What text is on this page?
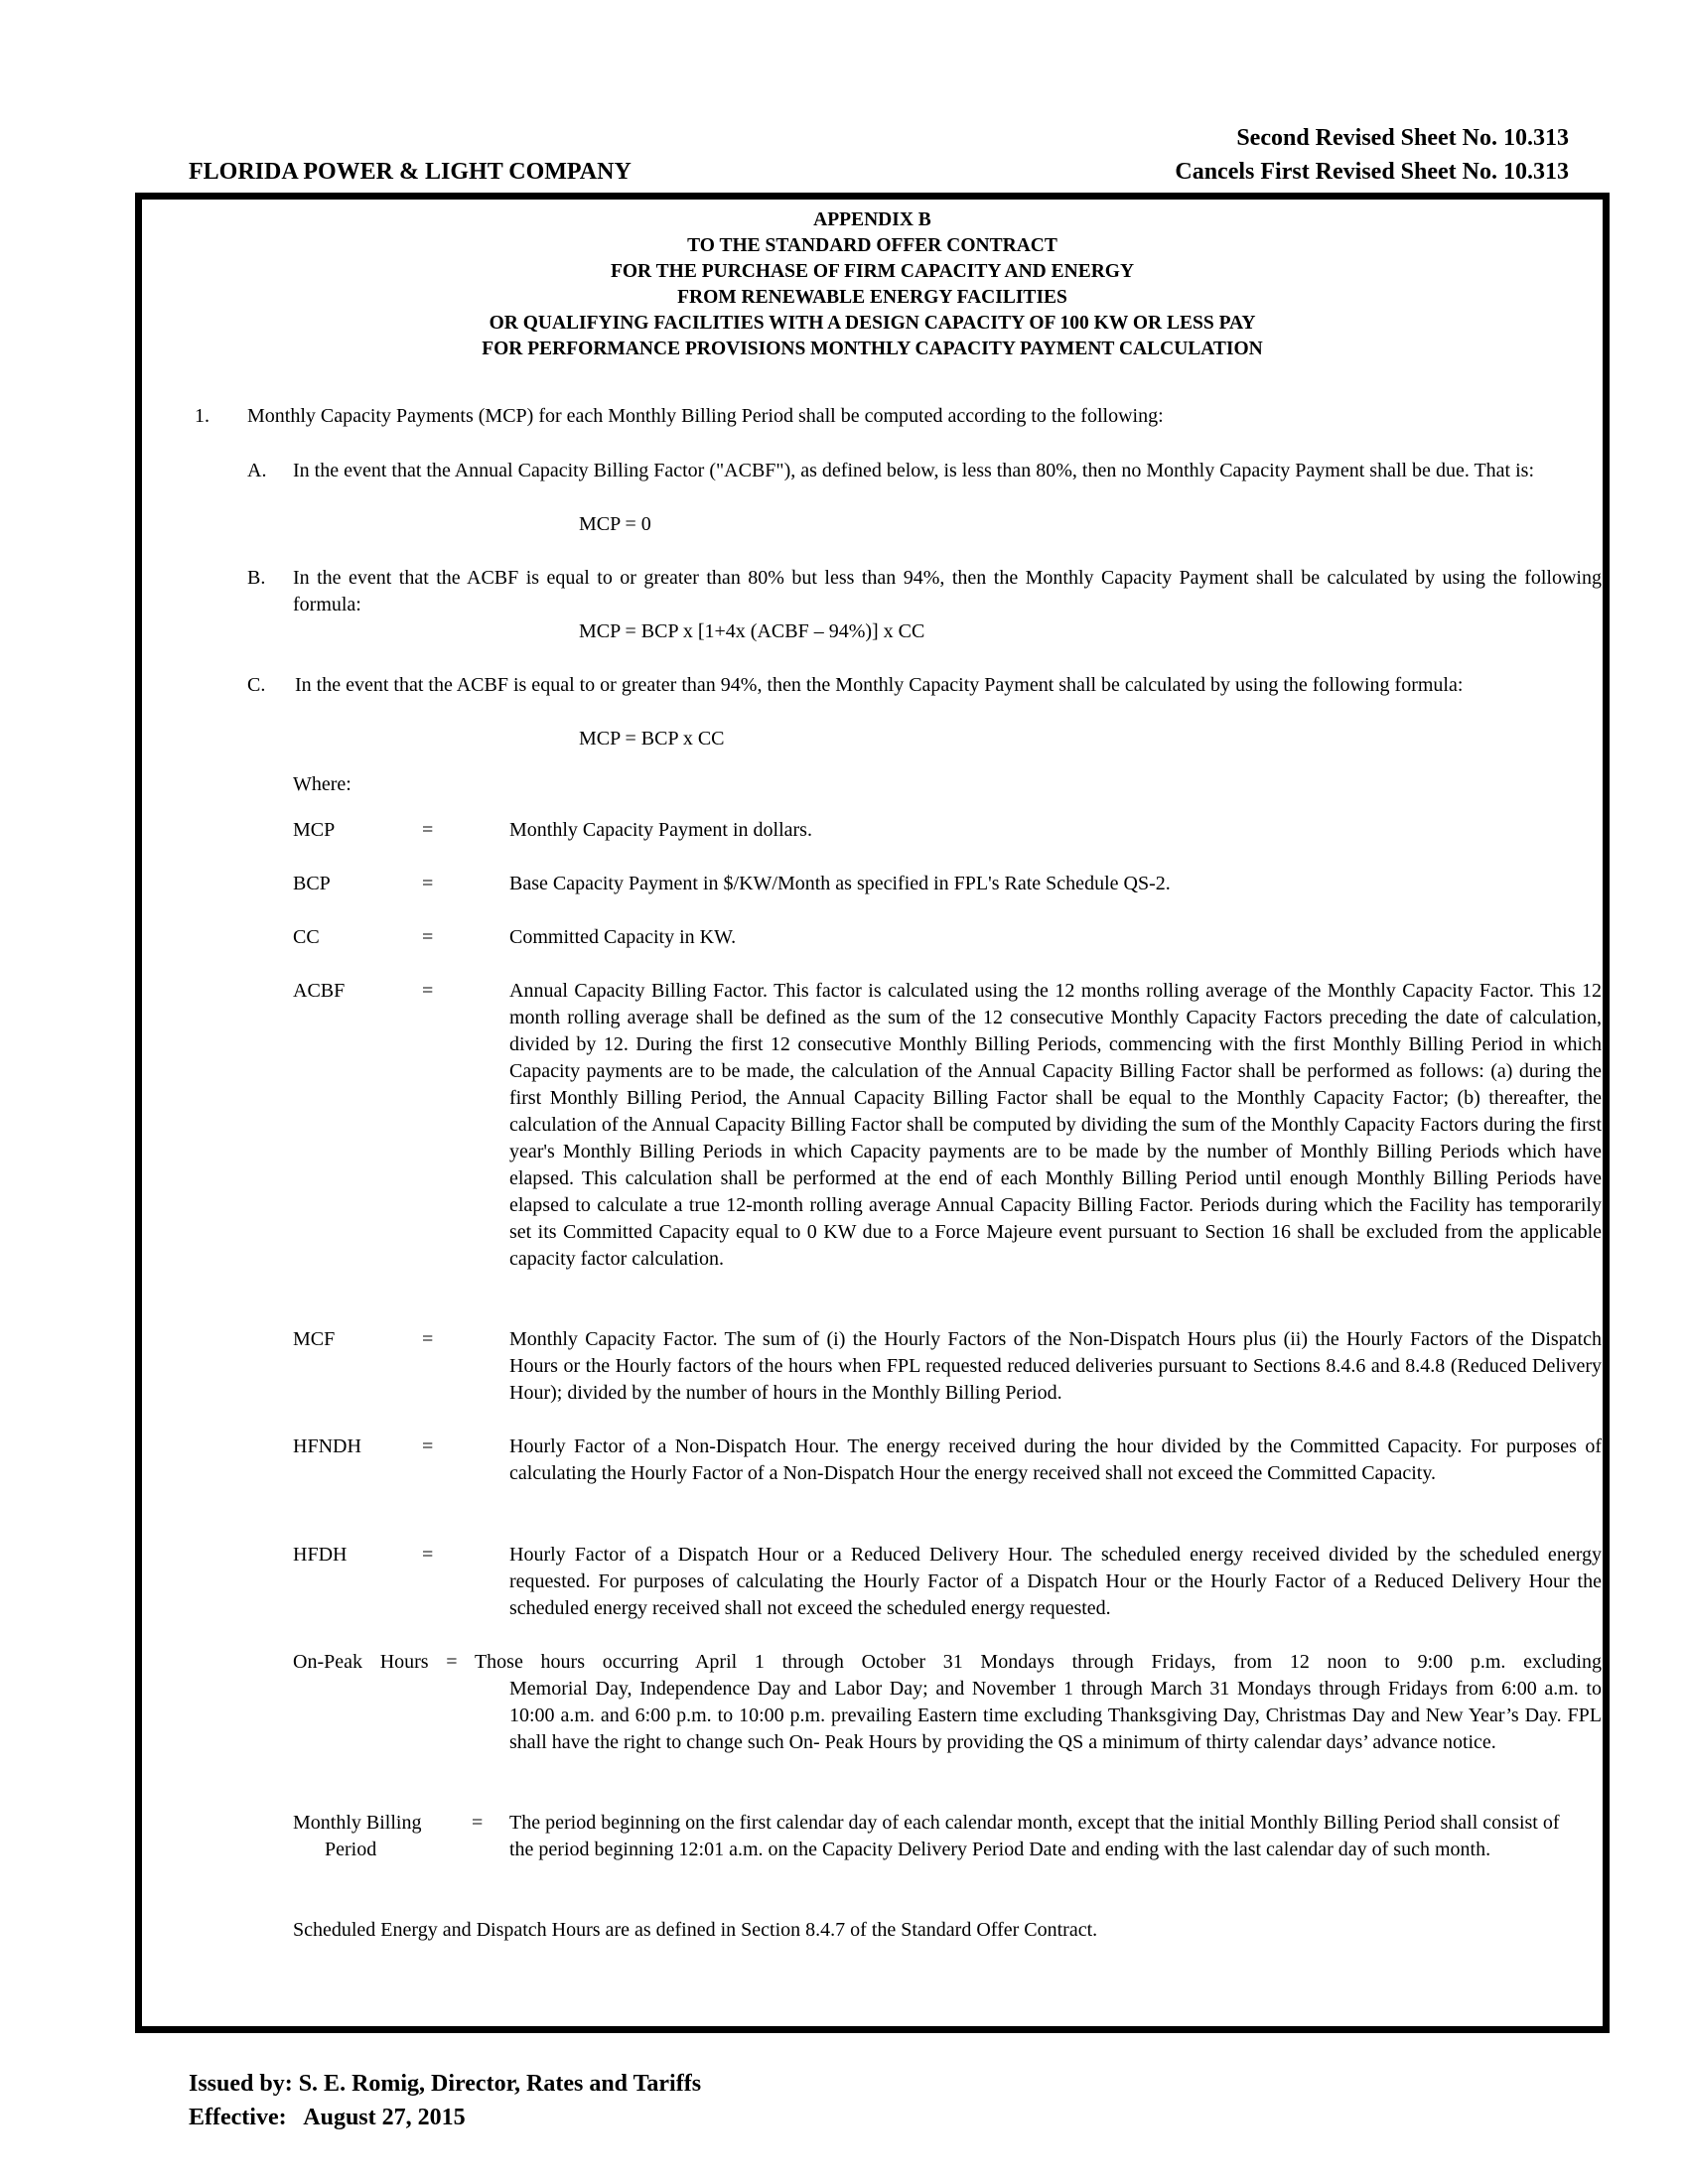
Second Revised Sheet No. 10.313
Cancels First Revised Sheet No. 10.313
FLORIDA POWER & LIGHT COMPANY
APPENDIX B
TO THE STANDARD OFFER CONTRACT
FOR THE PURCHASE OF FIRM CAPACITY AND ENERGY
FROM RENEWABLE ENERGY FACILITIES
OR QUALIFYING FACILITIES WITH A DESIGN CAPACITY OF 100 KW OR LESS PAY
FOR PERFORMANCE PROVISIONS MONTHLY CAPACITY PAYMENT CALCULATION
1. Monthly Capacity Payments (MCP) for each Monthly Billing Period shall be computed according to the following:
A. In the event that the Annual Capacity Billing Factor ("ACBF"), as defined below, is less than 80%, then no Monthly Capacity Payment shall be due. That is:
MCP = 0
B. In the event that the ACBF is equal to or greater than 80% but less than 94%, then the Monthly Capacity Payment shall be calculated by using the following formula:
MCP = BCP x [1+4x (ACBF – 94%)] x CC
C. In the event that the ACBF is equal to or greater than 94%, then the Monthly Capacity Payment shall be calculated by using the following formula:
MCP = BCP x CC
Where:
MCP	=	Monthly Capacity Payment in dollars.
BCP	=	Base Capacity Payment in $/KW/Month as specified in FPL's Rate Schedule QS-2.
CC	=	Committed Capacity in KW.
ACBF	=	Annual Capacity Billing Factor. This factor is calculated using the 12 months rolling average of the Monthly Capacity Factor. This 12 month rolling average shall be defined as the sum of the 12 consecutive Monthly Capacity Factors preceding the date of calculation, divided by 12. During the first 12 consecutive Monthly Billing Periods, commencing with the first Monthly Billing Period in which Capacity payments are to be made, the calculation of the Annual Capacity Billing Factor shall be performed as follows: (a) during the first Monthly Billing Period, the Annual Capacity Billing Factor shall be equal to the Monthly Capacity Factor; (b) thereafter, the calculation of the Annual Capacity Billing Factor shall be computed by dividing the sum of the Monthly Capacity Factors during the first year's Monthly Billing Periods in which Capacity payments are to be made by the number of Monthly Billing Periods which have elapsed. This calculation shall be performed at the end of each Monthly Billing Period until enough Monthly Billing Periods have elapsed to calculate a true 12-month rolling average Annual Capacity Billing Factor. Periods during which the Facility has temporarily set its Committed Capacity equal to 0 KW due to a Force Majeure event pursuant to Section 16 shall be excluded from the applicable capacity factor calculation.
MCF	=	Monthly Capacity Factor. The sum of (i) the Hourly Factors of the Non-Dispatch Hours plus (ii) the Hourly Factors of the Dispatch Hours or the Hourly factors of the hours when FPL requested reduced deliveries pursuant to Sections 8.4.6 and 8.4.8 (Reduced Delivery Hour); divided by the number of hours in the Monthly Billing Period.
HFNDH	=	Hourly Factor of a Non-Dispatch Hour. The energy received during the hour divided by the Committed Capacity. For purposes of calculating the Hourly Factor of a Non-Dispatch Hour the energy received shall not exceed the Committed Capacity.
HFDH	=	Hourly Factor of a Dispatch Hour or a Reduced Delivery Hour. The scheduled energy received divided by the scheduled energy requested. For purposes of calculating the Hourly Factor of a Dispatch Hour or the Hourly Factor of a Reduced Delivery Hour the scheduled energy received shall not exceed the scheduled energy requested.
On-Peak Hours = Those hours occurring April 1 through October 31 Mondays through Fridays, from 12 noon to 9:00 p.m. excluding
Memorial Day, Independence Day and Labor Day; and November 1 through March 31 Mondays through Fridays from 6:00 a.m. to 10:00 a.m. and 6:00 p.m. to 10:00 p.m. prevailing Eastern time excluding Thanksgiving Day, Christmas Day and New Year’s Day. FPL shall have the right to change such On- Peak Hours by providing the QS a minimum of thirty calendar days’ advance notice.
Monthly Billing
Period
= The period beginning on the first calendar day of each calendar month, except that the initial Monthly Billing Period shall consist of the period beginning 12:01 a.m. on the Capacity Delivery Period Date and ending with the last calendar day of such month.
Scheduled Energy and Dispatch Hours are as defined in Section 8.4.7 of the Standard Offer Contract.
Issued by: S. E. Romig, Director, Rates and Tariffs
Effective:   August 27, 2015
